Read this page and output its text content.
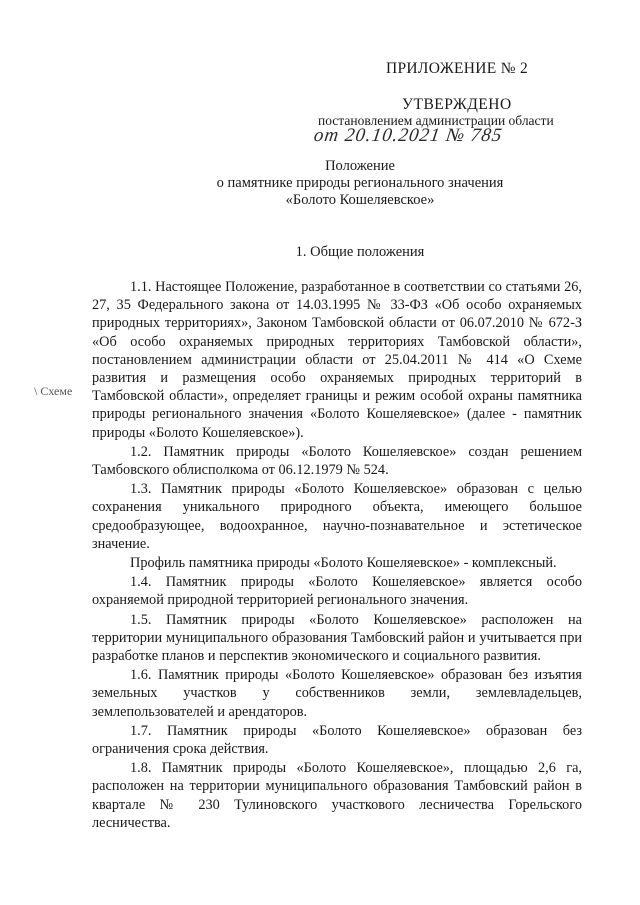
ПРИЛОЖЕНИЕ № 2
УТВЕРЖДЕНО
постановлением администрации области
от 20.10.2021 № 785
Положение
о памятнике природы регионального значения
«Болото Кошеляевское»
1. Общие положения
\ Схеме

1.1. Настоящее Положение, разработанное в соответствии со статьями 26, 27, 35 Федерального закона от 14.03.1995 № 33-ФЗ «Об особо охраняемых природных территориях», Законом Тамбовской области от 06.07.2010 № 672-З «Об особо охраняемых природных территориях Тамбовской области», постановлением администрации области от 25.04.2011 № 414 «О Схеме развития и размещения особо охраняемых природных территорий в Тамбовской области», определяет границы и режим особой охраны памятника природы регионального значения «Болото Кошеляевское» (далее - памятник природы «Болото Кошеляевское»).

1.2. Памятник природы «Болото Кошеляевское» создан решением Тамбовского облисполкома от 06.12.1979 № 524.

1.3. Памятник природы «Болото Кошеляевское» образован с целью сохранения уникального природного объекта, имеющего большое средообразующее, водоохранное, научно-познавательное и эстетическое значение.

Профиль памятника природы «Болото Кошеляевское» - комплексный.

1.4. Памятник природы «Болото Кошеляевское» является особо охраняемой природной территорией регионального значения.

1.5. Памятник природы «Болото Кошеляевское» расположен на территории муниципального образования Тамбовский район и учитывается при разработке планов и перспектив экономического и социального развития.

1.6. Памятник природы «Болото Кошеляевское» образован без изъятия земельных участков у собственников земли, землевладельцев, землепользователей и арендаторов.

1.7. Памятник природы «Болото Кошеляевское» образован без ограничения срока действия.

1.8. Памятник природы «Болото Кошеляевское», площадью 2,6 га, расположен на территории муниципального образования Тамбовский район в квартале № 230 Тулиновского участкового лесничества Горельского лесничества.
